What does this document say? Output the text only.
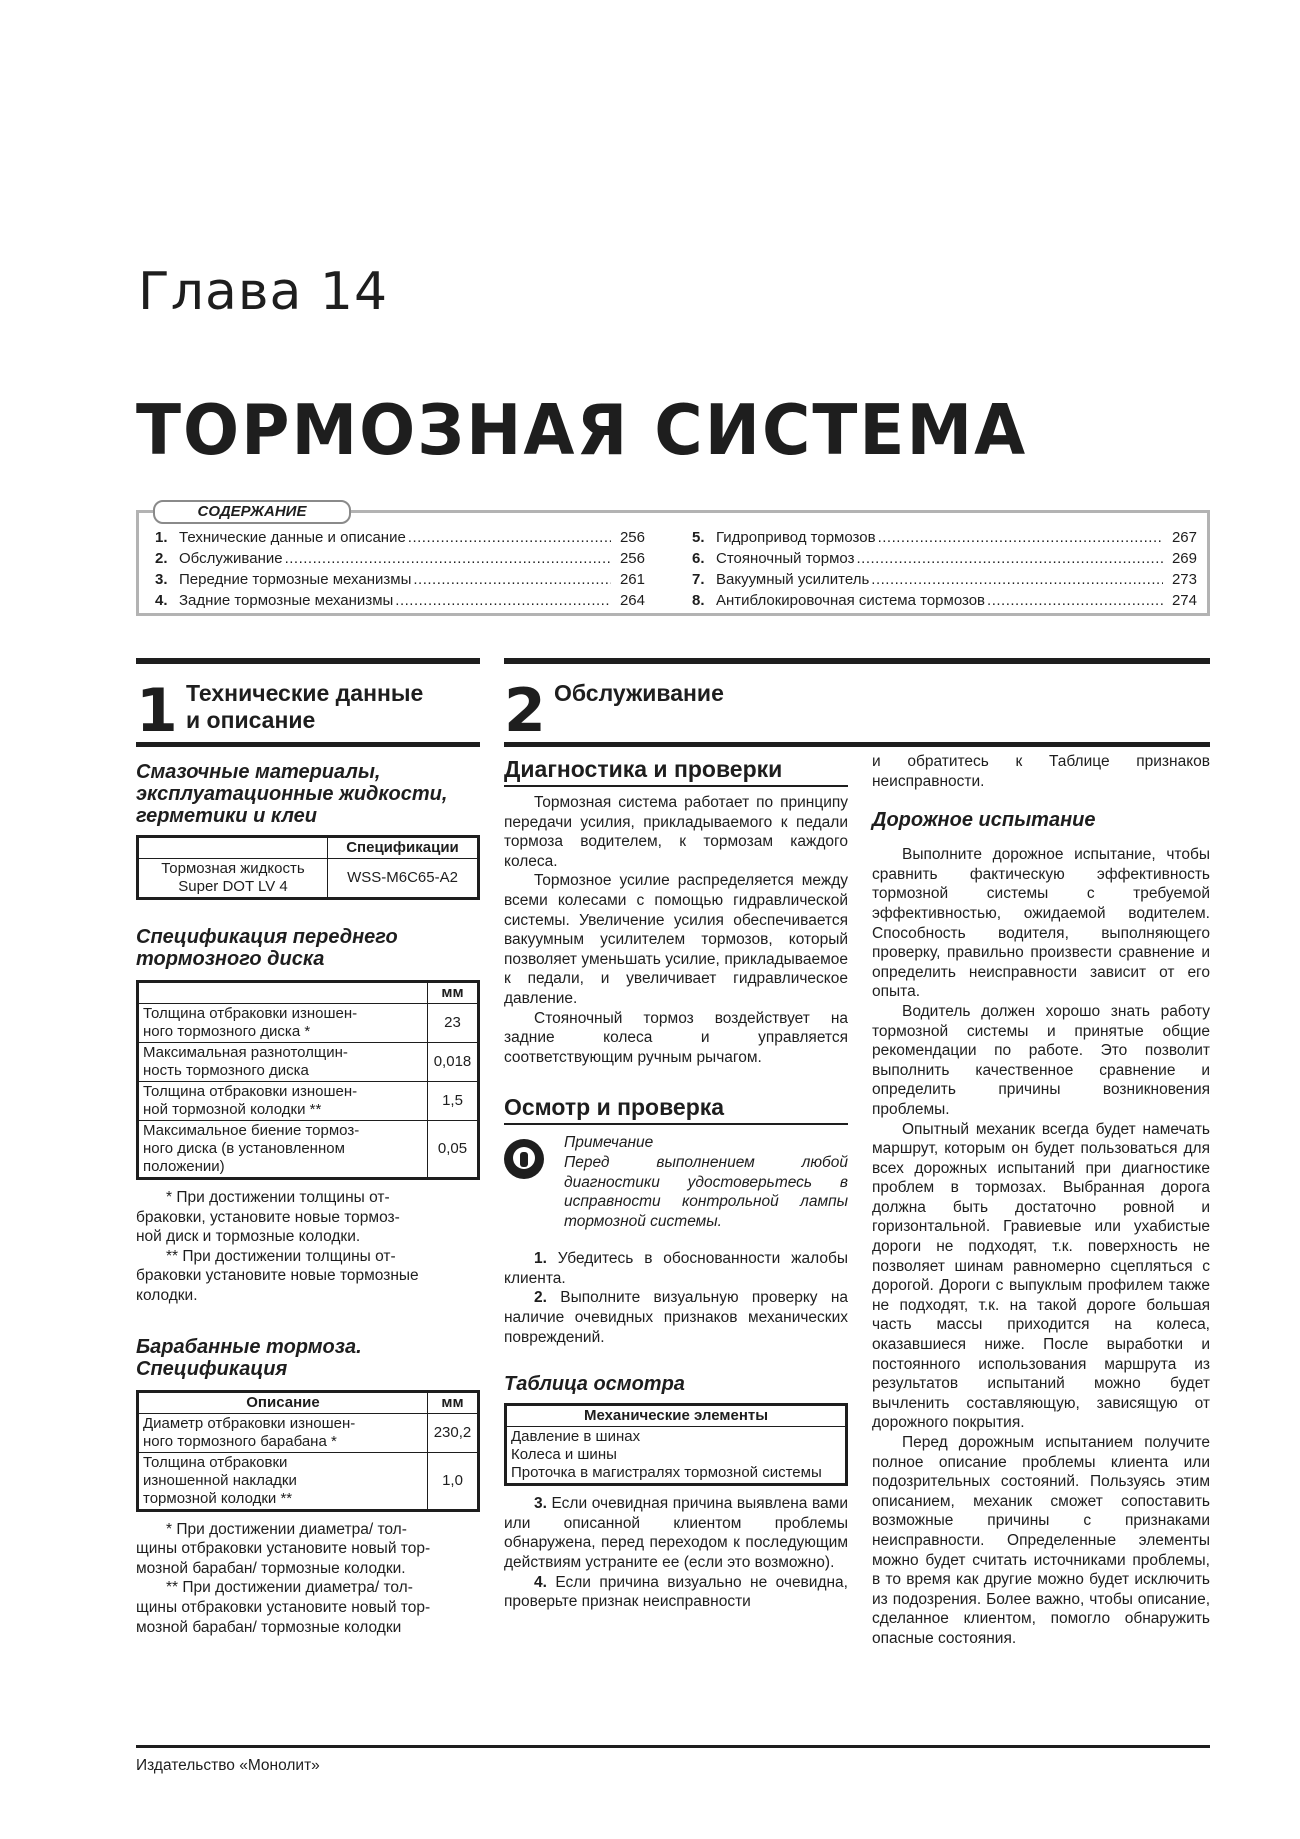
Глава 14
ТОРМОЗНАЯ СИСТЕМА
СОДЕРЖАНИЕ
1. Технические данные и описание .....	256
2. Обслуживание .....	256
3. Передние тормозные механизмы .....	261
4. Задние тормозные механизмы .....	264
5. Гидропривод тормозов .....	267
6. Стояночный тормоз .....	269
7. Вакуумный усилитель .....	273
8. Антиблокировочная система тормозов .....	274
1 Технические данные
и описание
Смазочные материалы,
эксплуатационные жидкости,
герметики и клеи
	Спецификации

Тормозная жидкость
Super DOT LV 4	WSS-M6C65-A2
Спецификация переднего
тормозного диска
	мм

Толщина отбраковки изношен-
ного тормозного диска *	23

Максимальная разнотолщин-
ность тормозного диска	0,018

Толщина отбраковки изношен-
ной тормозной колодки **	1,5

Максимальное биение тормоз-
ного диска (в установленном
положении)	0,05

* При достижении толщины от-
браковки, установите новые тормоз-
ной диск и тормозные колодки.

** При достижении толщины от-
браковки установите новые тормозные
колодки.

Барабанные тормоза.
Спецификация
Описание	мм

Диаметр отбраковки изношен-
ного тормозного барабана *	230,2

Толщина отбраковки
изношенной накладки
тормозной колодки **	1,0

* При достижении диаметра/ тол-
щины отбраковки установите новый тор-
мозной барабан/ тормозные колодки.

** При достижении диаметра/ тол-
щины отбраковки установите новый тор-
мозной барабан/ тормозные колодки

2 Обслуживание
Диагностика и проверки

Тормозная система работает по принципу передачи усилия, прикладываемого к педали тормоза водителем, к тормозам каждого колеса.

Тормозное усилие распределяется между всеми колесами с помощью гидравлической системы. Увеличение усилия обеспечивается вакуумным усилителем тормозов, который позволяет уменьшать усилие, прикладываемое к педали, и увеличивает гидравлическое давление.

Стояночный тормоз воздействует на задние колеса и управляется соответствующим ручным рычагом.

Осмотр и проверка
Примечание

Перед выполнением любой диагностики удостоверьтесь в исправности контрольной лампы тормозной системы.

1. Убедитесь в обоснованности жалобы клиента.

2. Выполните визуальную проверку на наличие очевидных признаков механических повреждений.

Таблица осмотра
Механические элементы

Давление в шинах
Колеса и шины
Проточка в магистралях тормозной системы

3. Если очевидная причина выявлена вами или описанной клиентом проблемы обнаружена, перед переходом к последующим действиям устраните ее (если это возможно).

4. Если причина визуально не очевидна, проверьте признак неисправности

и обратитесь к Таблице признаков неисправности.

Дорожное испытание

Выполните дорожное испытание, чтобы сравнить фактическую эффективность тормозной системы с требуемой эффективностью, ожидаемой водителем. Способность водителя, выполняющего проверку, правильно произвести сравнение и определить неисправности зависит от его опыта.

Водитель должен хорошо знать работу тормозной системы и принятые общие рекомендации по работе. Это позволит выполнить качественное сравнение и определить причины возникновения проблемы.

Опытный механик всегда будет намечать маршрут, которым он будет пользоваться для всех дорожных испытаний при диагностике проблем в тормозах. Выбранная дорога должна быть достаточно ровной и горизонтальной. Гравиевые или ухабистые дороги не подходят, т.к. поверхность не позволяет шинам равномерно сцепляться с дорогой. Дороги с выпуклым профилем также не подходят, т.к. на такой дороге большая часть массы приходится на колеса, оказавшиеся ниже. После выработки и постоянного использования маршрута из результатов испытаний можно будет вычленить составляющую, зависящую от дорожного покрытия.

Перед дорожным испытанием получите полное описание проблемы клиента или подозрительных состояний. Пользуясь этим описанием, механик сможет сопоставить возможные причины с признаками неисправности. Определенные элементы можно будет считать источниками проблемы, в то время как другие можно будет исключить из подозрения. Более важно, чтобы описание, сделанное клиентом, помогло обнаружить опасные состояния.

Издательство «Монолит»
